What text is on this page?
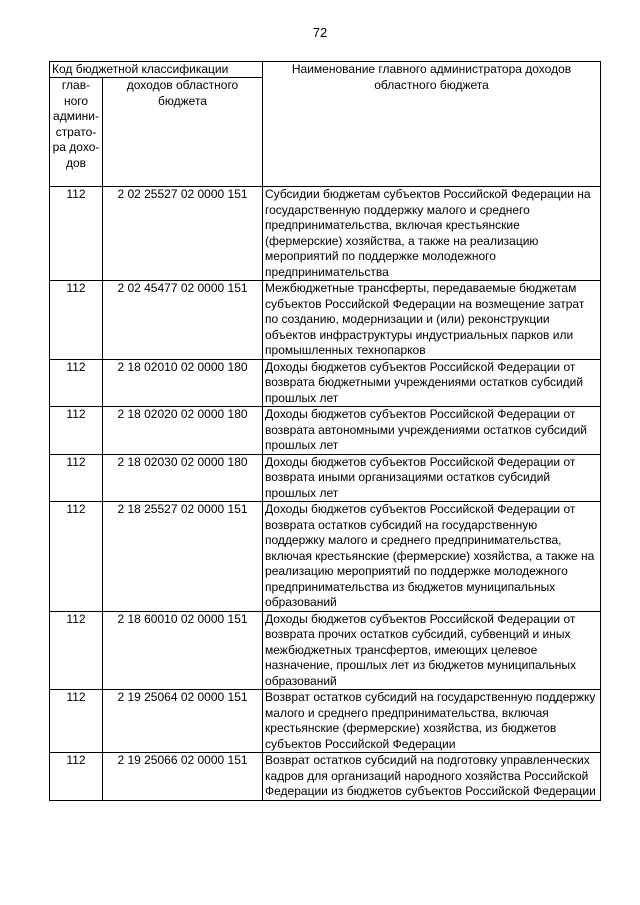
72
Код бюджетной классификации		Наименование главного администратора доходов областного бюджета
глав-ного админи-страто-ра дохо-дов	доходов областного бюджета	
112	2 02 25527 02 0000 151	Субсидии бюджетам субъектов Российской Федерации на государственную поддержку малого и среднего предпринимательства, включая крестьянские (фермерские) хозяйства, а также на реализацию мероприятий по поддержке молодежного предпринимательства
112	2 02 45477 02 0000 151	Межбюджетные трансферты, передаваемые бюджетам субъектов Российской Федерации на возмещение затрат по созданию, модернизации и (или) реконструкции объектов инфраструктуры индустриальных парков или промышленных технопарков
112	2 18 02010 02 0000 180	Доходы бюджетов субъектов Российской Федерации от возврата бюджетными учреждениями остатков субсидий прошлых лет
112	2 18 02020 02 0000 180	Доходы бюджетов субъектов Российской Федерации от возврата автономными учреждениями остатков субсидий прошлых лет
112	2 18 02030 02 0000 180	Доходы бюджетов субъектов Российской Федерации от возврата иными организациями остатков субсидий прошлых лет
112	2 18 25527 02 0000 151	Доходы бюджетов субъектов Российской Федерации от возврата остатков субсидий на государственную поддержку малого и среднего предпринимательства, включая крестьянские (фермерские) хозяйства, а также на реализацию мероприятий по поддержке молодежного предпринимательства из бюджетов муниципальных образований
112	2 18 60010 02 0000 151	Доходы бюджетов субъектов Российской Федерации от возврата прочих остатков субсидий, субвенций и иных межбюджетных трансфертов, имеющих целевое назначение, прошлых лет из бюджетов муниципальных образований
112	2 19 25064 02 0000 151	Возврат остатков субсидий на государственную поддержку малого и среднего предпринимательства, включая крестьянские (фермерские) хозяйства, из бюджетов субъектов Российской Федерации
112	2 19 25066 02 0000 151	Возврат остатков субсидий на подготовку управленческих кадров для организаций народного хозяйства Российской Федерации из бюджетов субъектов Российской Федерации
